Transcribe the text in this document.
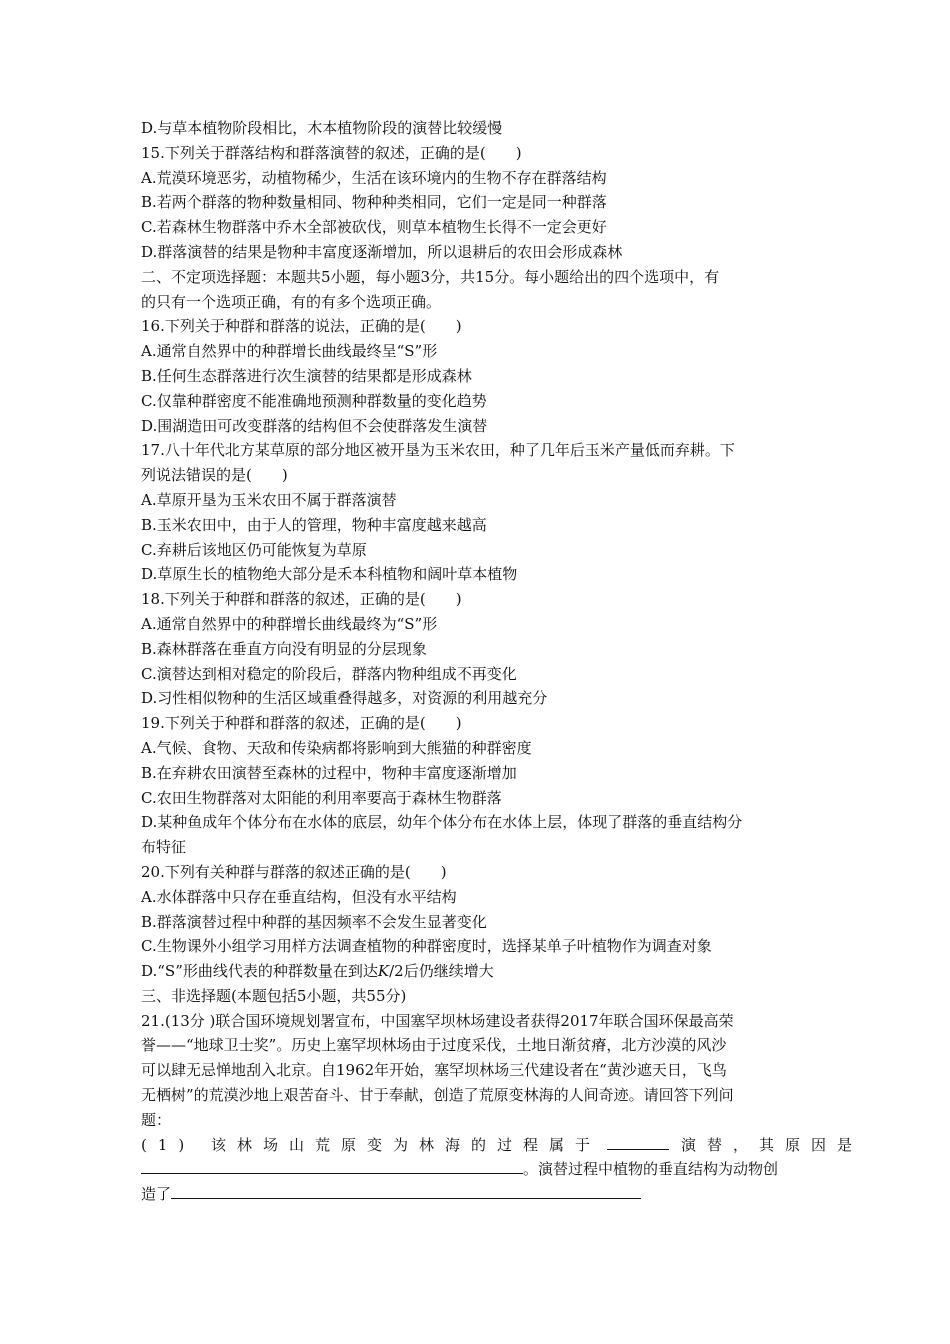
D.与草本植物阶段相比，木本植物阶段的演替比较缓慢
15.下列关于群落结构和群落演替的叙述，正确的是(　　)
A.荒漠环境恶劣，动植物稀少，生活在该环境内的生物不存在群落结构
B.若两个群落的物种数量相同、物种种类相同，它们一定是同一种群落
C.若森林生物群落中乔木全部被砍伐，则草本植物生长得不一定会更好
D.群落演替的结果是物种丰富度逐渐增加，所以退耕后的农田会形成森林
二、不定项选择题：本题共5小题，每小题3分，共15分。每小题给出的四个选项中，有
的只有一个选项正确，有的有多个选项正确。
16.下列关于种群和群落的说法，正确的是(　　)
A.通常自然界中的种群增长曲线最终呈“S”形
B.任何生态群落进行次生演替的结果都是形成森林
C.仅靠种群密度不能准确地预测种群数量的变化趋势
D.围湖造田可改变群落的结构但不会使群落发生演替
17.八十年代北方某草原的部分地区被开垦为玉米农田，种了几年后玉米产量低而弃耕。下
列说法错误的是(　　)
A.草原开垦为玉米农田不属于群落演替
B.玉米农田中，由于人的管理，物种丰富度越来越高
C.弃耕后该地区仍可能恢复为草原
D.草原生长的植物绝大部分是禾本科植物和阔叶草本植物
18.下列关于种群和群落的叙述，正确的是(　　)
A.通常自然界中的种群增长曲线最终为“S”形
B.森林群落在垂直方向没有明显的分层现象
C.演替达到相对稳定的阶段后，群落内物种组成不再变化
D.习性相似物种的生活区域重叠得越多，对资源的利用越充分
19.下列关于种群和群落的叙述，正确的是(　　)
A.气候、食物、天敌和传染病都将影响到大熊猫的种群密度
B.在弃耕农田演替至森林的过程中，物种丰富度逐渐增加
C.农田生物群落对太阳能的利用率要高于森林生物群落
D.某种鱼成年个体分布在水体的底层，幼年个体分布在水体上层，体现了群落的垂直结构分
布特征
20.下列有关种群与群落的叙述正确的是(　　)
A.水体群落中只存在垂直结构，但没有水平结构
B.群落演替过程中种群的基因频率不会发生显著变化
C.生物课外小组学习用样方法调查植物的种群密度时，选择某单子叶植物作为调查对象
D.“S”形曲线代表的种群数量在到达K/2后仍继续增大
三、非选择题(本题包括5小题，共55分)
21.(13分 )联合国环境规划署宣布，中国塞罕坝林场建设者获得2017年联合国环保最高荣
誉——“地球卫士奖”。历史上塞罕坝林场由于过度采伐，土地日渐贫瘠，北方沙漠的风沙
可以肆无忌惮地刮入北京。自1962年开始，塞罕坝林场三代建设者在“黄沙遮天日，飞鸟
无栖树”的荒漠沙地上艰苦奋斗、甘于奉献，创造了荒原变林海的人间奇迹。请回答下列问
题：
(1) 该林场山荒原变为林海的过程属于	演替，其原因是
。演替过程中植物的垂直结构为动物创
造了
